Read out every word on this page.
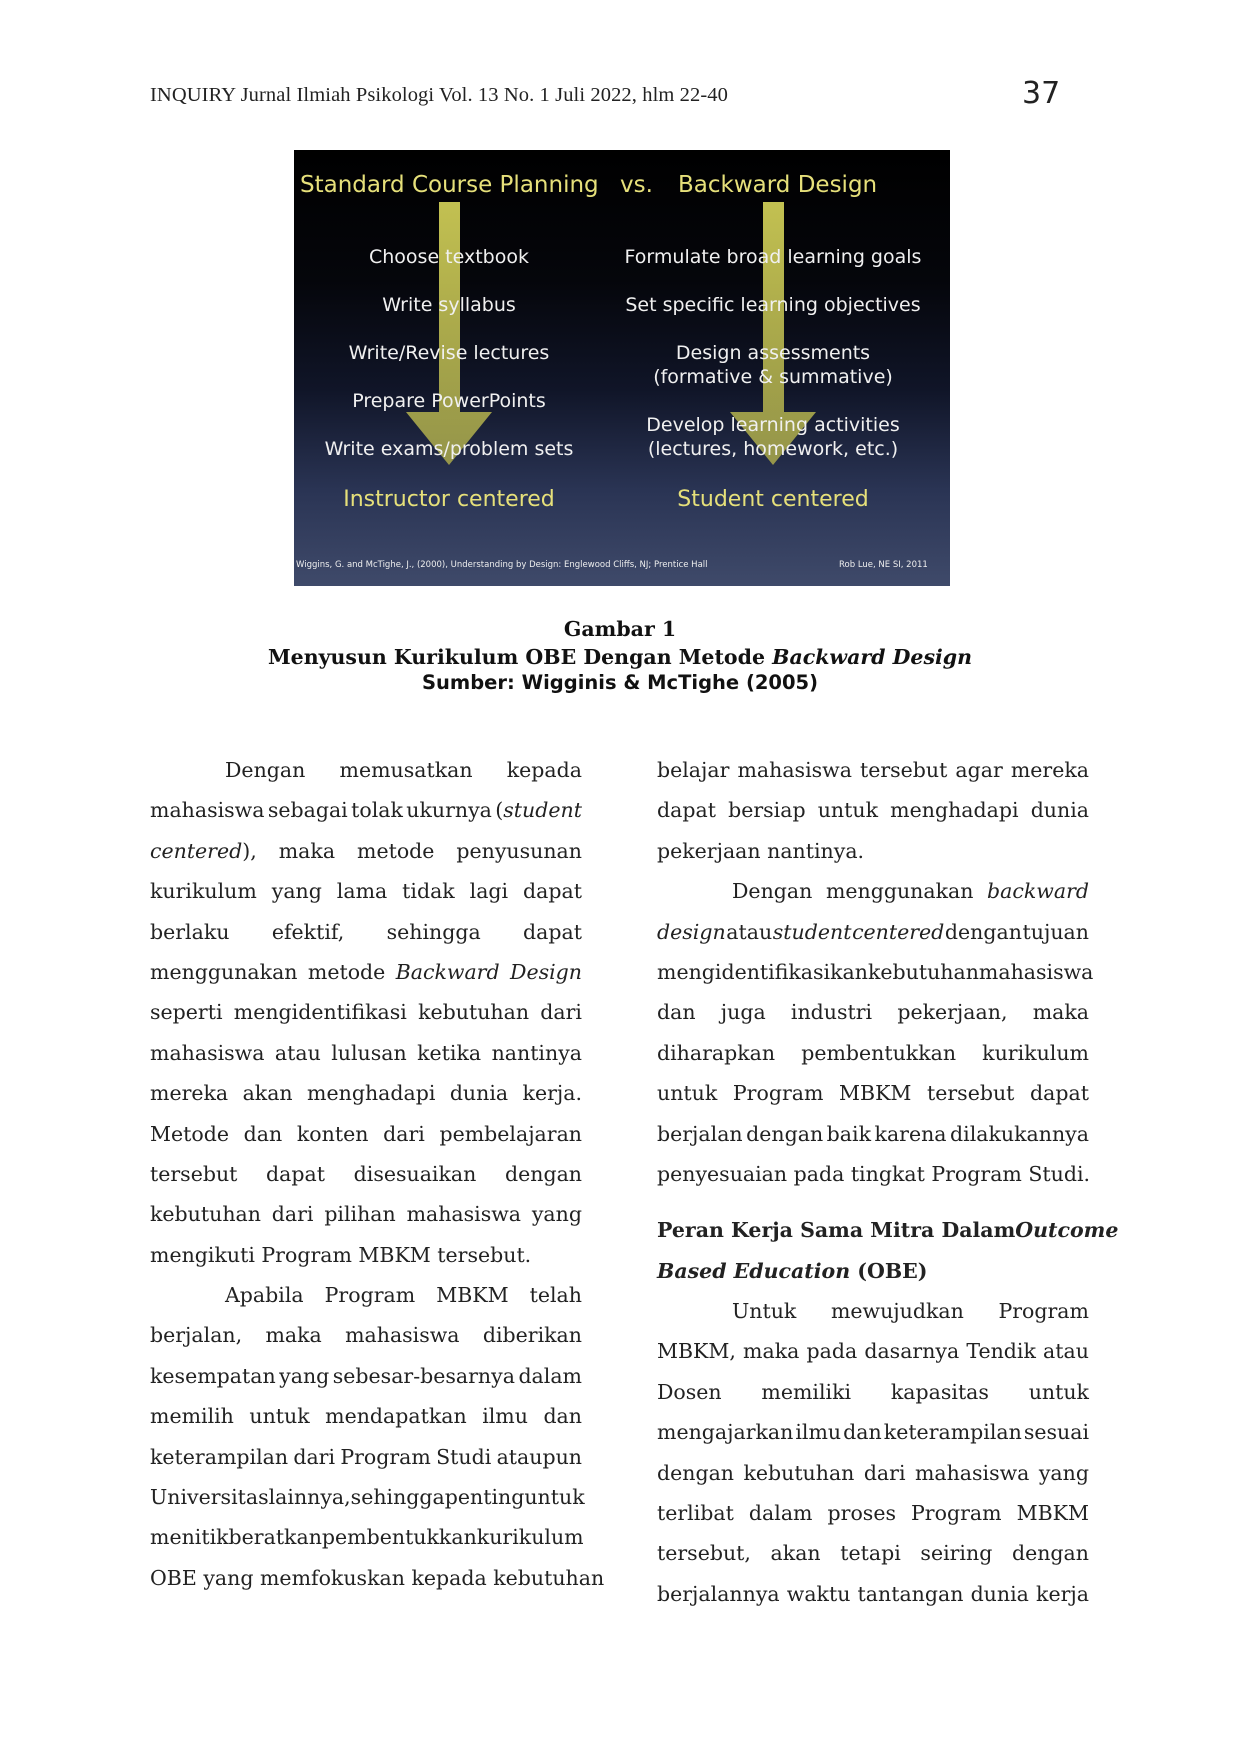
INQUIRY Jurnal Ilmiah Psikologi Vol. 13 No. 1 Juli 2022, hlm 22-40	37
Standard Course Planning vs. Backward Design
Choose textbook
Write syllabus
Write/Revise lectures
Prepare PowerPoints
Write exams/problem sets
Formulate broad learning goals
Set specific learning objectives
Design assessments
(formative & summative)
Develop learning activities
(lectures, homework, etc.)
Instructor centered	Student centered
Wiggins, G. and McTighe, J., (2000), Understanding by Design: Englewood Cliffs, NJ; Prentice Hall	Rob Lue, NE SI, 2011
Gambar 1
Menyusun Kurikulum OBE Dengan Metode Backward Design
Sumber: Wigginis & McTighe (2005)
Dengan memusatkan kepada
mahasiswa sebagai tolak ukurnya (student
centered), maka metode penyusunan
kurikulum yang lama tidak lagi dapat
berlaku efektif, sehingga dapat
menggunakan metode Backward Design
seperti mengidentifikasi kebutuhan dari
mahasiswa atau lulusan ketika nantinya
mereka akan menghadapi dunia kerja.
Metode dan konten dari pembelajaran
tersebut dapat disesuaikan dengan
kebutuhan dari pilihan mahasiswa yang
mengikuti Program MBKM tersebut.
Apabila Program MBKM telah
berjalan, maka mahasiswa diberikan
kesempatan yang sebesar-besarnya dalam
memilih untuk mendapatkan ilmu dan
keterampilan dari Program Studi ataupun
Universitas lainnya, sehingga penting untuk
menitikberatkan pembentukkan kurikulum
OBE yang memfokuskan kepada kebutuhan
belajar mahasiswa tersebut agar mereka
dapat bersiap untuk menghadapi dunia
pekerjaan nantinya.
Dengan menggunakan backward
design atau student centered dengan tujuan
mengidentifikasikan kebutuhan mahasiswa
dan juga industri pekerjaan, maka
diharapkan pembentukkan kurikulum
untuk Program MBKM tersebut dapat
berjalan dengan baik karena dilakukannya
penyesuaian pada tingkat Program Studi.
Peran Kerja Sama Mitra Dalam Outcome
Based Education (OBE)
Untuk mewujudkan Program
MBKM, maka pada dasarnya Tendik atau
Dosen memiliki kapasitas untuk
mengajarkan ilmu dan keterampilan sesuai
dengan kebutuhan dari mahasiswa yang
terlibat dalam proses Program MBKM
tersebut, akan tetapi seiring dengan
berjalannya waktu tantangan dunia kerja
